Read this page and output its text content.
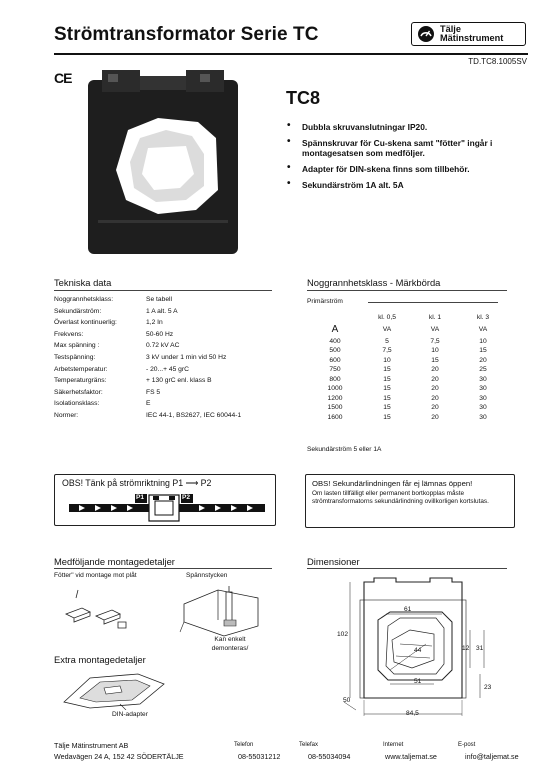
Strömtransformator Serie TC	Tälje
Mätinstrument
TD.TC8.1005SV
CE
TC8
• Dubbla skruvanslutningar IP20.
• Spännskruvar för Cu-skena samt "fötter" ingår i montagesatsen som medföljer.
• Adapter för DIN-skena finns som tillbehör.
• Sekundärström 1A alt. 5A
Tekniska data
Noggrannhetsklass:	Se tabell
Sekundärström:	1 A alt. 5 A
Överlast kontinuerlig:	1,2 In
Frekvens:	50-60 Hz
Max spänning :	0.72 kV AC
Testspänning:	3 kV under 1 min vid 50 Hz
Arbetstemperatur:	- 20...+ 45 grC
Temperaturgräns:	+ 130 grC enl. klass B
Säkerhetsfaktor:	FS 5
Isolationsklass:	E
Normer:	IEC 44-1, BS2627, IEC 60044-1
Noggrannhetsklass - Märkbörda
Primärström
	kl. 0,5	kl. 1	kl. 3
A	VA	VA	VA
400	5	7,5	10
500	7,5	10	15
600	10	15	20
750	15	20	25
800	15	20	30
1000	15	20	30
1200	15	20	30
1500	15	20	30
1600	15	20	30
Sekundärström 5 eller 1A
OBS! Tänk på strömriktning P1 ⟶ P2
P1	P2
OBS! Sekundärlindningen får ej lämnas öppen!
Om lasten tillfälligt eller permanent bortkopplas måste strömtransformatorns sekundärlindning ovillkorligen kortslutas.
Medföljande montagedetaljer
Fötter" vid montage mot plåt	Spännstycken
Kan enkelt demonteras/
Extra montagedetaljer
DIN-adapter
Dimensioner
61
102
44	12 31
51
23
50
84,5
Tälje Mätinstrument AB
Wedavägen 24 A, 152 42 SÖDERTÄLJE
Telefon
08-55031212
Telefax
08-55034094
Internet
www.taljemat.se
E-post
info@taljemat.se
